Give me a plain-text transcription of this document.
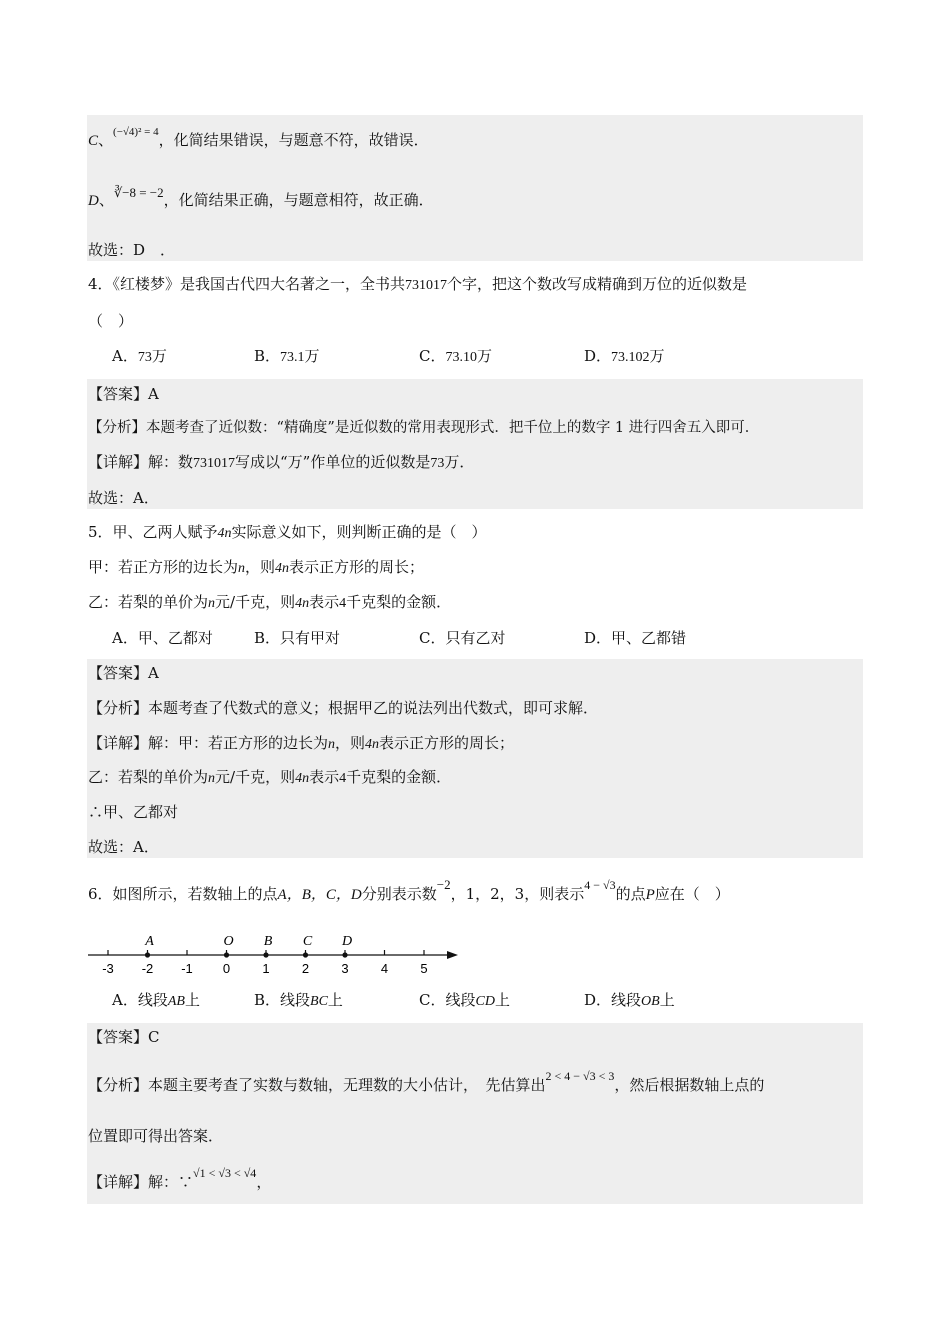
C、$^{(-√4)^2 = 4}$，化简结果错误，与题意不符，故错误．
D、∛−8 = −2，化简结果正确，与题意相符，故正确．
故选：D　．
4．《红楼梦》是我国古代四大名著之一，全书共731017个字，把这个数改写成精确到万位的近似数是
（　）
A．73万	B．73.1万	C．73.10万	D．73.102万
【答案】A
【分析】本题考查了近似数：“精确度”是近似数的常用表现形式．把千位上的数字 1 进行四舍五入即可．
【详解】解：数731017写成以“万”作单位的近似数是73万．
故选：A．
5．甲、乙两人赋予4n实际意义如下，则判断正确的是（　）
甲：若正方形的边长为n，则4n表示正方形的周长；
乙：若梨的单价为n元/千克，则4n表示4千克梨的金额．
A．甲、乙都对	B．只有甲对	C．只有乙对	D．甲、乙都错
【答案】A
【分析】本题考查了代数式的意义；根据甲乙的说法列出代数式，即可求解．
【详解】解：甲：若正方形的边长为n，则4n表示正方形的周长；
乙：若梨的单价为n元/千克，则4n表示4千克梨的金额．
∴甲、乙都对
故选：A．
6．如图所示，若数轴上的点A，B，C，D分别表示数−2，1，2，3，则表示$^{4 - √3}$的点P应在（　）
-3 -2 -1 0 1 2 3 4 5
A	O B C D
A．线段AB上	B．线段BC上	C．线段CD上	D．线段OB上
【答案】C
【分析】本题主要考查了实数与数轴，无理数的大小估计，　先估算出$^{2 < 4 - √3 < 3}$，然后根据数轴上点的
位置即可得出答案．
【详解】解：∵$^{√1 < √3 < √4}$，
